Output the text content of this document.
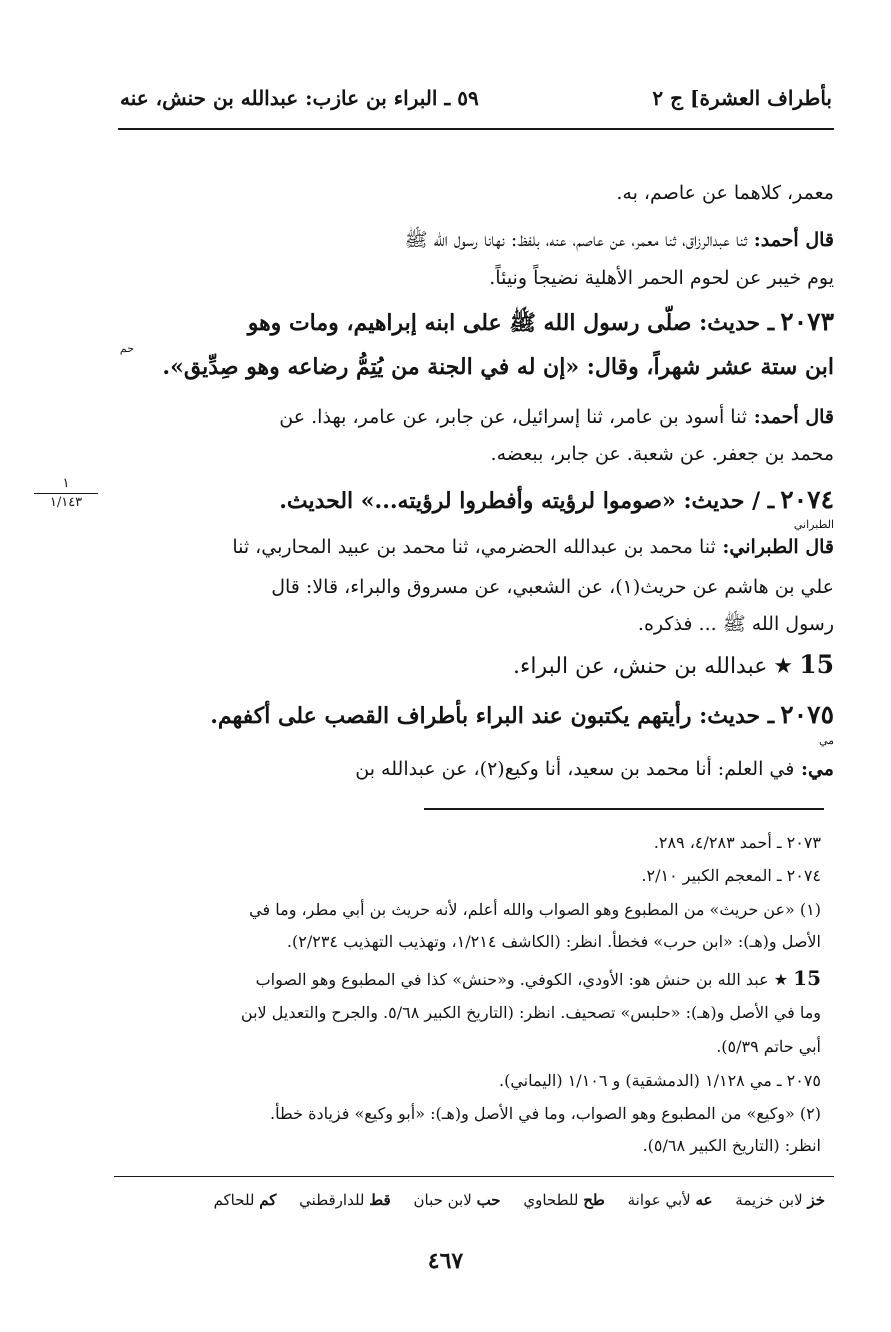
بأطراف العشرة] ج ٢
٥٩ ـ البراء بن عازب: عبدالله بن حنش، عنه
معمر، كلاهما عن عاصم، به.
قال أحمد: ثنا عبدالرزاق، ثنا معمر، عن عاصم، عنه، بلفظ: نهانا رسول الله ﷺ
يوم خيبر عن لحوم الحمر الأهلية نضيجاً ونيئاً.
٢٠٧٣ ـ حديث: صلّى رسول الله ﷺ على ابنه إبراهيم، ومات وهو
حم
ابن ستة عشر شهراً، وقال: «إن له في الجنة من يُتِمُّ رضاعه وهو صِدِّيق».
قال أحمد: ثنا أسود بن عامر، ثنا إسرائيل، عن جابر، عن عامر، بهذا. عن
محمد بن جعفر. عن شعبة. عن جابر، ببعضه.
٢٠٧٤ ـ / حديث: «صوموا لرؤيته وأفطروا لرؤيته...» الحديث.
الطبراني
قال الطبراني: ثنا محمد بن عبدالله الحضرمي، ثنا محمد بن عبيد المحاربي، ثنا
علي بن هاشم عن حريث(١)، عن الشعبي، عن مسروق والبراء، قالا: قال
رسول الله ﷺ ... فذكره.
15 ★ عبدالله بن حنش، عن البراء.
٢٠٧٥ ـ حديث: رأيتهم يكتبون عند البراء بأطراف القصب على أكفهم.
مي
مي: في العلم: أنا محمد بن سعيد، أنا وكيع(٢)، عن عبدالله بن
١
١/١٤٣
٢٠٧٣ ـ أحمد ٤/٢٨٣، ٢٨٩.
٢٠٧٤ ـ المعجم الكبير ٢/١٠.
(١) «عن حريث» من المطبوع وهو الصواب والله أعلم، لأنه حريث بن أبي مطر، وما في
الأصل و(هـ): «ابن حرب» فخطأ. انظر: (الكاشف ١/٢١٤، وتهذيب التهذيب ٢/٢٣٤).
15 ★ عبد الله بن حنش هو: الأودي، الكوفي. و«حنش» كذا في المطبوع وهو الصواب
وما في الأصل و(هـ): «حلبس» تصحيف. انظر: (التاريخ الكبير ٥/٦٨. والجرح والتعديل لابن
أبي حاتم ٥/٣٩).
٢٠٧٥ ـ مي ١/١٢٨ (الدمشقية) و ١/١٠٦ (اليماني).
(٢) «وكيع» من المطبوع وهو الصواب، وما في الأصل و(هـ): «أبو وكيع» فزيادة خطأ.
انظر: (التاريخ الكبير ٥/٦٨).
خز لابن خزيمة عه لأبي عوانة طح للطحاوي حب لابن حبان قط للدارقطني كم للحاكم
٤٦٧
